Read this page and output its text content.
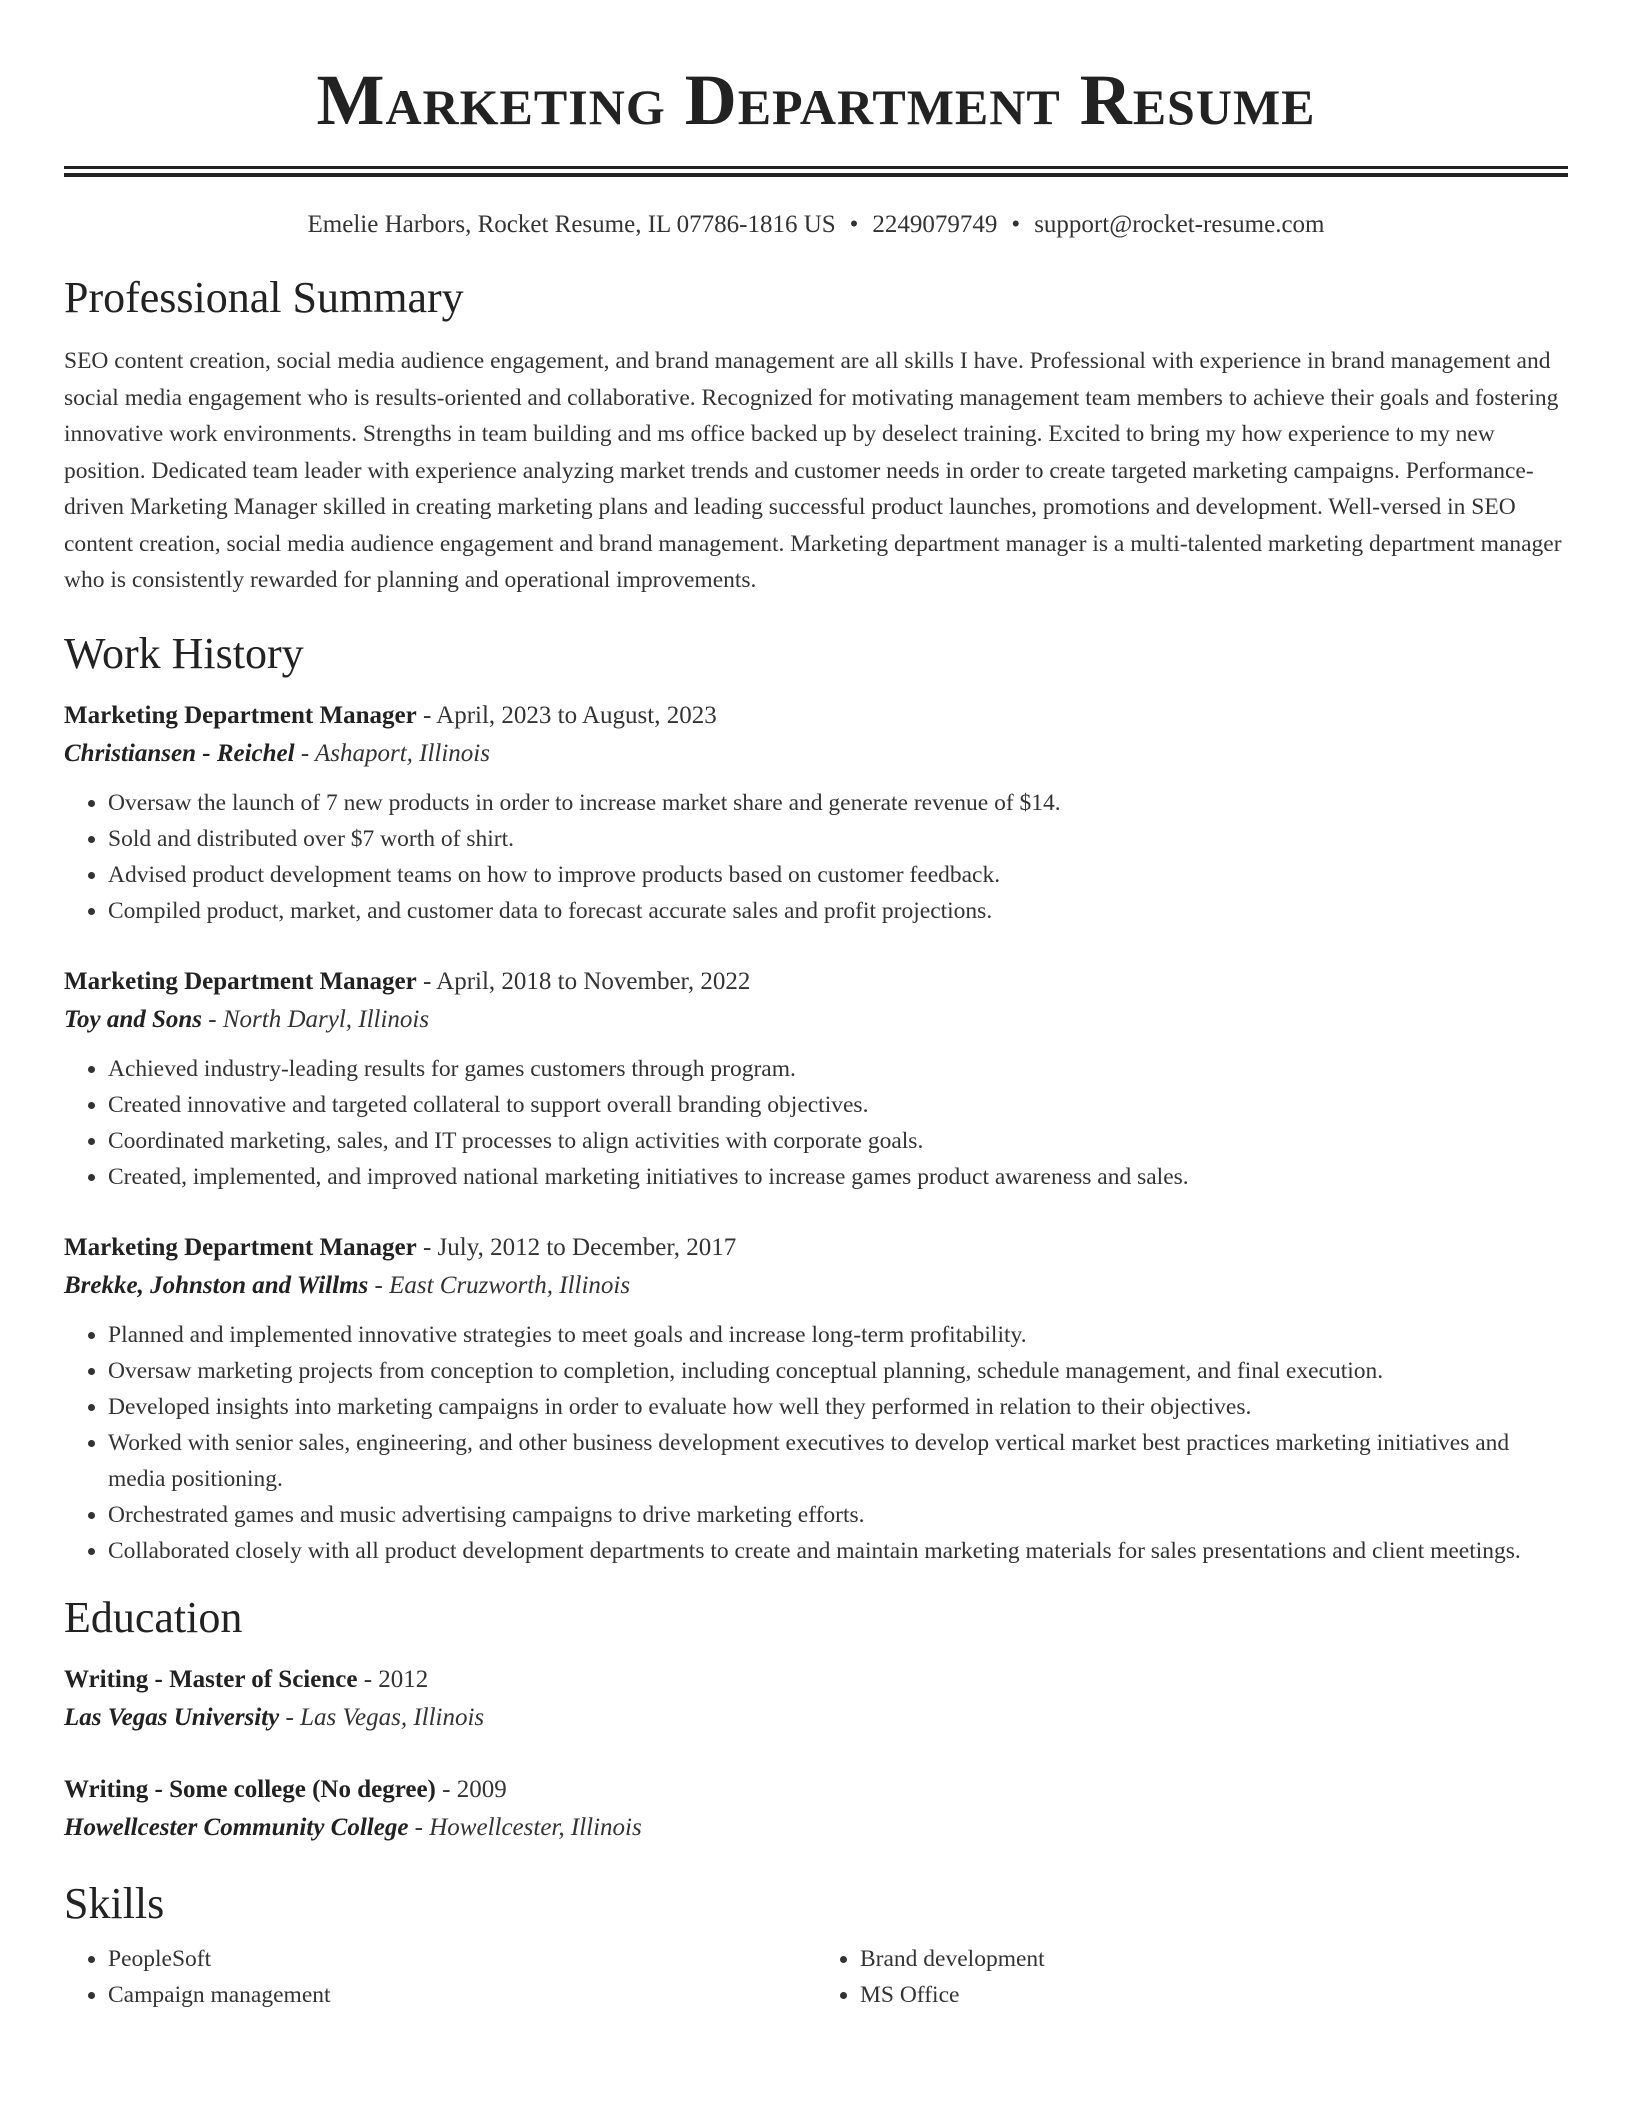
Marketing Department Resume
Emelie Harbors, Rocket Resume, IL 07786-1816 US • 2249079749 • support@rocket-resume.com
Professional Summary

SEO content creation, social media audience engagement, and brand management are all skills I have. Professional with experience in brand management and social media engagement who is results-oriented and collaborative. Recognized for motivating management team members to achieve their goals and fostering innovative work environments. Strengths in team building and ms office backed up by deselect training. Excited to bring my how experience to my new position. Dedicated team leader with experience analyzing market trends and customer needs in order to create targeted marketing campaigns. Performance-driven Marketing Manager skilled in creating marketing plans and leading successful product launches, promotions and development. Well-versed in SEO content creation, social media audience engagement and brand management. Marketing department manager is a multi-talented marketing department manager who is consistently rewarded for planning and operational improvements.

Work History
Marketing Department Manager - April, 2023 to August, 2023
Christiansen - Reichel - Ashaport, Illinois
• Oversaw the launch of 7 new products in order to increase market share and generate revenue of $14.
• Sold and distributed over $7 worth of shirt.
• Advised product development teams on how to improve products based on customer feedback.
• Compiled product, market, and customer data to forecast accurate sales and profit projections.
Marketing Department Manager - April, 2018 to November, 2022
Toy and Sons - North Daryl, Illinois
• Achieved industry-leading results for games customers through program.
• Created innovative and targeted collateral to support overall branding objectives.
• Coordinated marketing, sales, and IT processes to align activities with corporate goals.
• Created, implemented, and improved national marketing initiatives to increase games product awareness and sales.
Marketing Department Manager - July, 2012 to December, 2017
Brekke, Johnston and Willms - East Cruzworth, Illinois
• Planned and implemented innovative strategies to meet goals and increase long-term profitability.
• Oversaw marketing projects from conception to completion, including conceptual planning, schedule management, and final execution.
• Developed insights into marketing campaigns in order to evaluate how well they performed in relation to their objectives.
• Worked with senior sales, engineering, and other business development executives to develop vertical market best practices marketing initiatives and media positioning.
• Orchestrated games and music advertising campaigns to drive marketing efforts.
• Collaborated closely with all product development departments to create and maintain marketing materials for sales presentations and client meetings.
Education
Writing - Master of Science - 2012
Las Vegas University - Las Vegas, Illinois
Writing - Some college (No degree) - 2009
Howellcester Community College - Howellcester, Illinois
Skills
• PeopleSoft
• Campaign management
• Brand development
• MS Office
